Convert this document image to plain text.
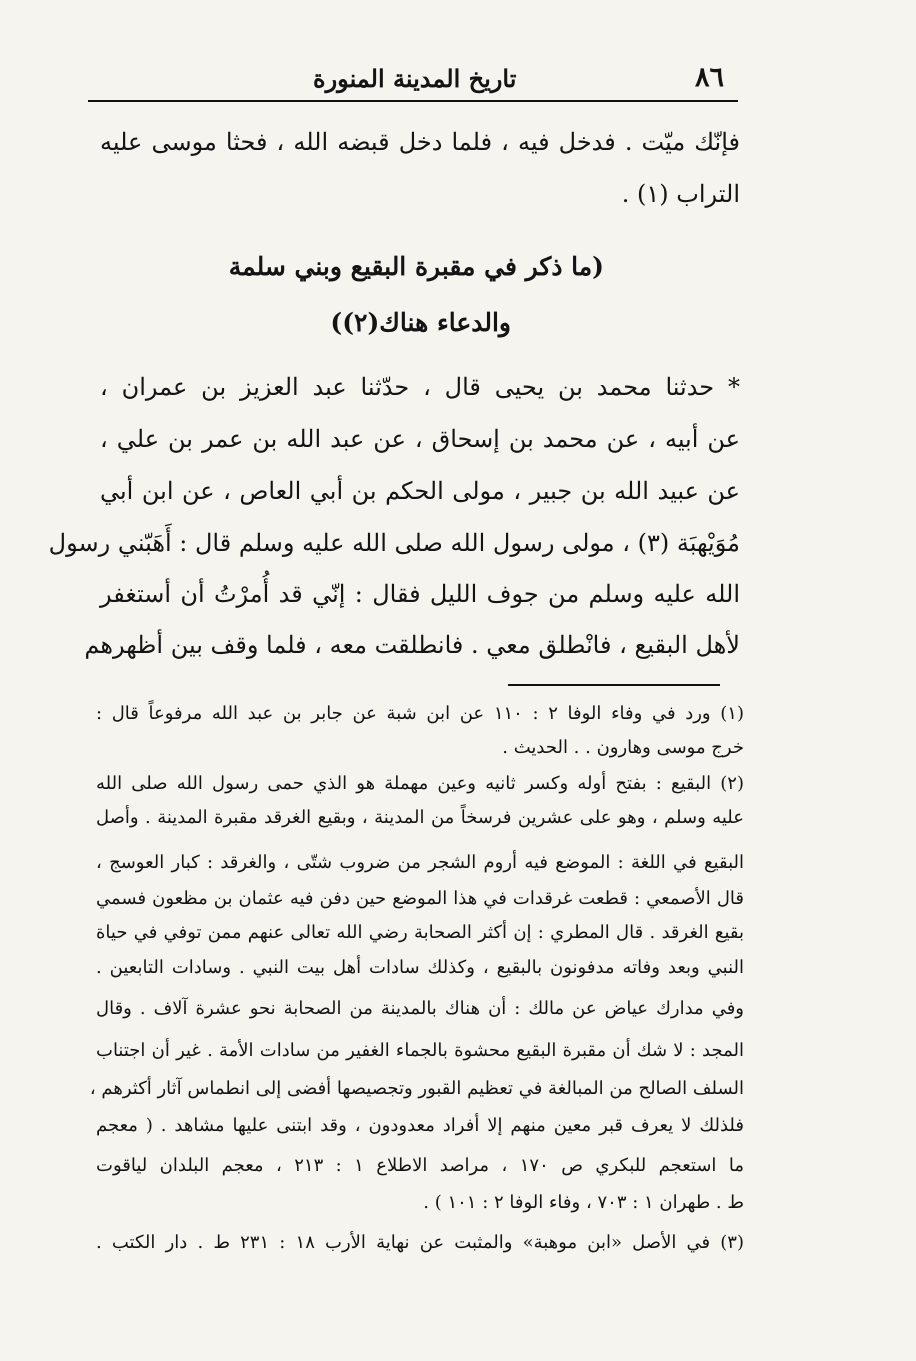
٨٦
تاريخ المدينة المنورة
فإنّك ميّت . فدخل فيه ، فلما دخل قبضه الله ، فحثا موسى عليه
التراب (١) .
(ما ذكر في مقبرة البقيع وبني سلمة
والدعاء هناك(٢))
* حدثنا محمد بن يحيى قال ، حدّثنا عبد العزيز بن عمران ،
عن أبيه ، عن محمد بن إسحاق ، عن عبد الله بن عمر بن علي ،
عن عبيد الله بن جبير ، مولى الحكم بن أبي العاص ، عن ابن أبي
مُوَيْهبَة (٣) ، مولى رسول الله صلى الله عليه وسلم قال : أَهَبّني رسول
الله عليه وسلم من جوف الليل فقال : إنّي قد أُمرْتُ أن أستغفر
لأهل البقيع ، فانْطلق معي . فانطلقت معه ، فلما وقف بين أظهرهم
(١) ورد في وفاء الوفا ٢ : ١١٠ عن ابن شبة عن جابر بن عبد الله مرفوعاً قال :
خرج موسى وهارون . . الحديث .
(٢) البقيع : بفتح أوله وكسر ثانيه وعين مهملة هو الذي حمى رسول الله صلى الله
عليه وسلم ، وهو على عشرين فرسخاً من المدينة ، وبقيع الغرقد مقبرة المدينة . وأصل
البقيع في اللغة : الموضع فيه أروم الشجر من ضروب شتّى ، والغرقد : كبار العوسج ،
قال الأصمعي : قطعت غرقدات في هذا الموضع حين دفن فيه عثمان بن مظعون فسمي
بقيع الغرقد . قال المطري : إن أكثر الصحابة رضي الله تعالى عنهم ممن توفي في حياة
النبي وبعد وفاته مدفونون بالبقيع ، وكذلك سادات أهل بيت النبي . وسادات التابعين .
وفي مدارك عياض عن مالك : أن هناك بالمدينة من الصحابة نحو عشرة آلاف . وقال
المجد : لا شك أن مقبرة البقيع محشوة بالجماء الغفير من سادات الأمة . غير أن اجتناب
السلف الصالح من المبالغة في تعظيم القبور وتجصيصها أفضى إلى انطماس آثار أكثرهم ،
فلذلك لا يعرف قبر معين منهم إلا أفراد معدودون ، وقد ابتنى عليها مشاهد . ( معجم
ما استعجم للبكري ص ١٧٠ ، مراصد الاطلاع ١ : ٢١٣ ، معجم البلدان لياقوت
ط . طهران ١ : ٧٠٣ ، وفاء الوفا ٢ : ١٠١ ) .
(٣) في الأصل «ابن موهبة» والمثبت عن نهاية الأرب ١٨ : ٢٣١ ط . دار الكتب .
